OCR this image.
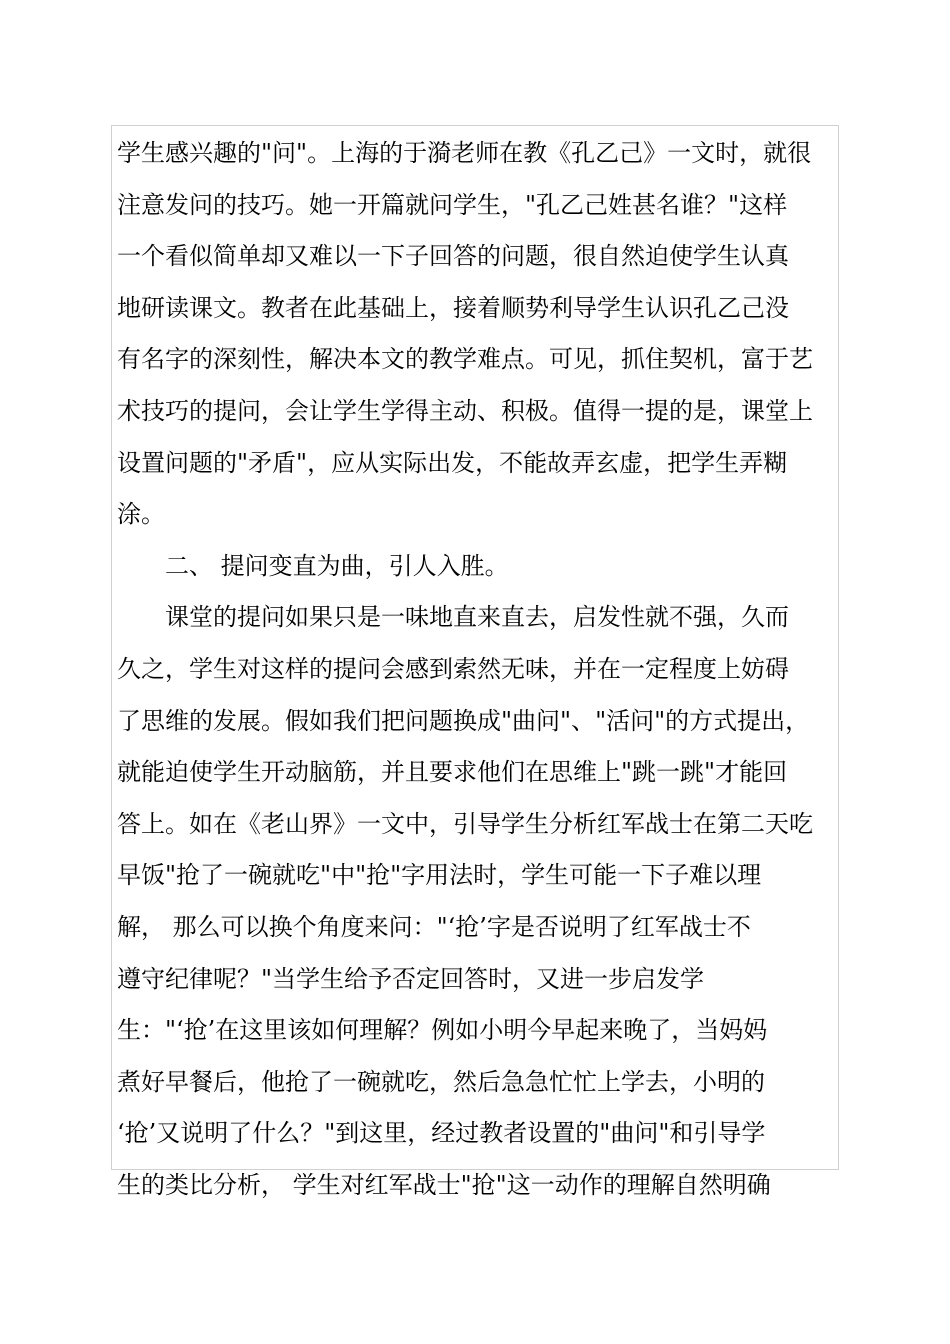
学生感兴趣的"问"。上海的于漪老师在教《孔乙己》一文时，就很
注意发问的技巧。她一开篇就问学生，"孔乙己姓甚名谁？"这样
一个看似简单却又难以一下子回答的问题，很自然迫使学生认真
地研读课文。教者在此基础上，接着顺势利导学生认识孔乙己没
有名字的深刻性，解决本文的教学难点。可见，抓住契机，富于艺
术技巧的提问，会让学生学得主动、积极。值得一提的是，课堂上
设置问题的"矛盾"，应从实际出发，不能故弄玄虚，把学生弄糊
涂。
二、 提问变直为曲，引人入胜。
课堂的提问如果只是一味地直来直去，启发性就不强，久而
久之，学生对这样的提问会感到索然无味，并在一定程度上妨碍
了思维的发展。假如我们把问题换成"曲问"、"活问"的方式提出，
就能迫使学生开动脑筋，并且要求他们在思维上"跳一跳"才能回
答上。如在《老山界》一文中，引导学生分析红军战士在第二天吃
早饭"抢了一碗就吃"中"抢"字用法时，学生可能一下子难以理
解， 那么可以换个角度来问："‘抢’字是否说明了红军战士不
遵守纪律呢？"当学生给予否定回答时，又进一步启发学
生："‘抢’在这里该如何理解？例如小明今早起来晚了，当妈妈
煮好早餐后，他抢了一碗就吃，然后急急忙忙上学去，小明的
‘抢’又说明了什么？"到这里，经过教者设置的"曲问"和引导学
生的类比分析， 学生对红军战士"抢"这一动作的理解自然明确
